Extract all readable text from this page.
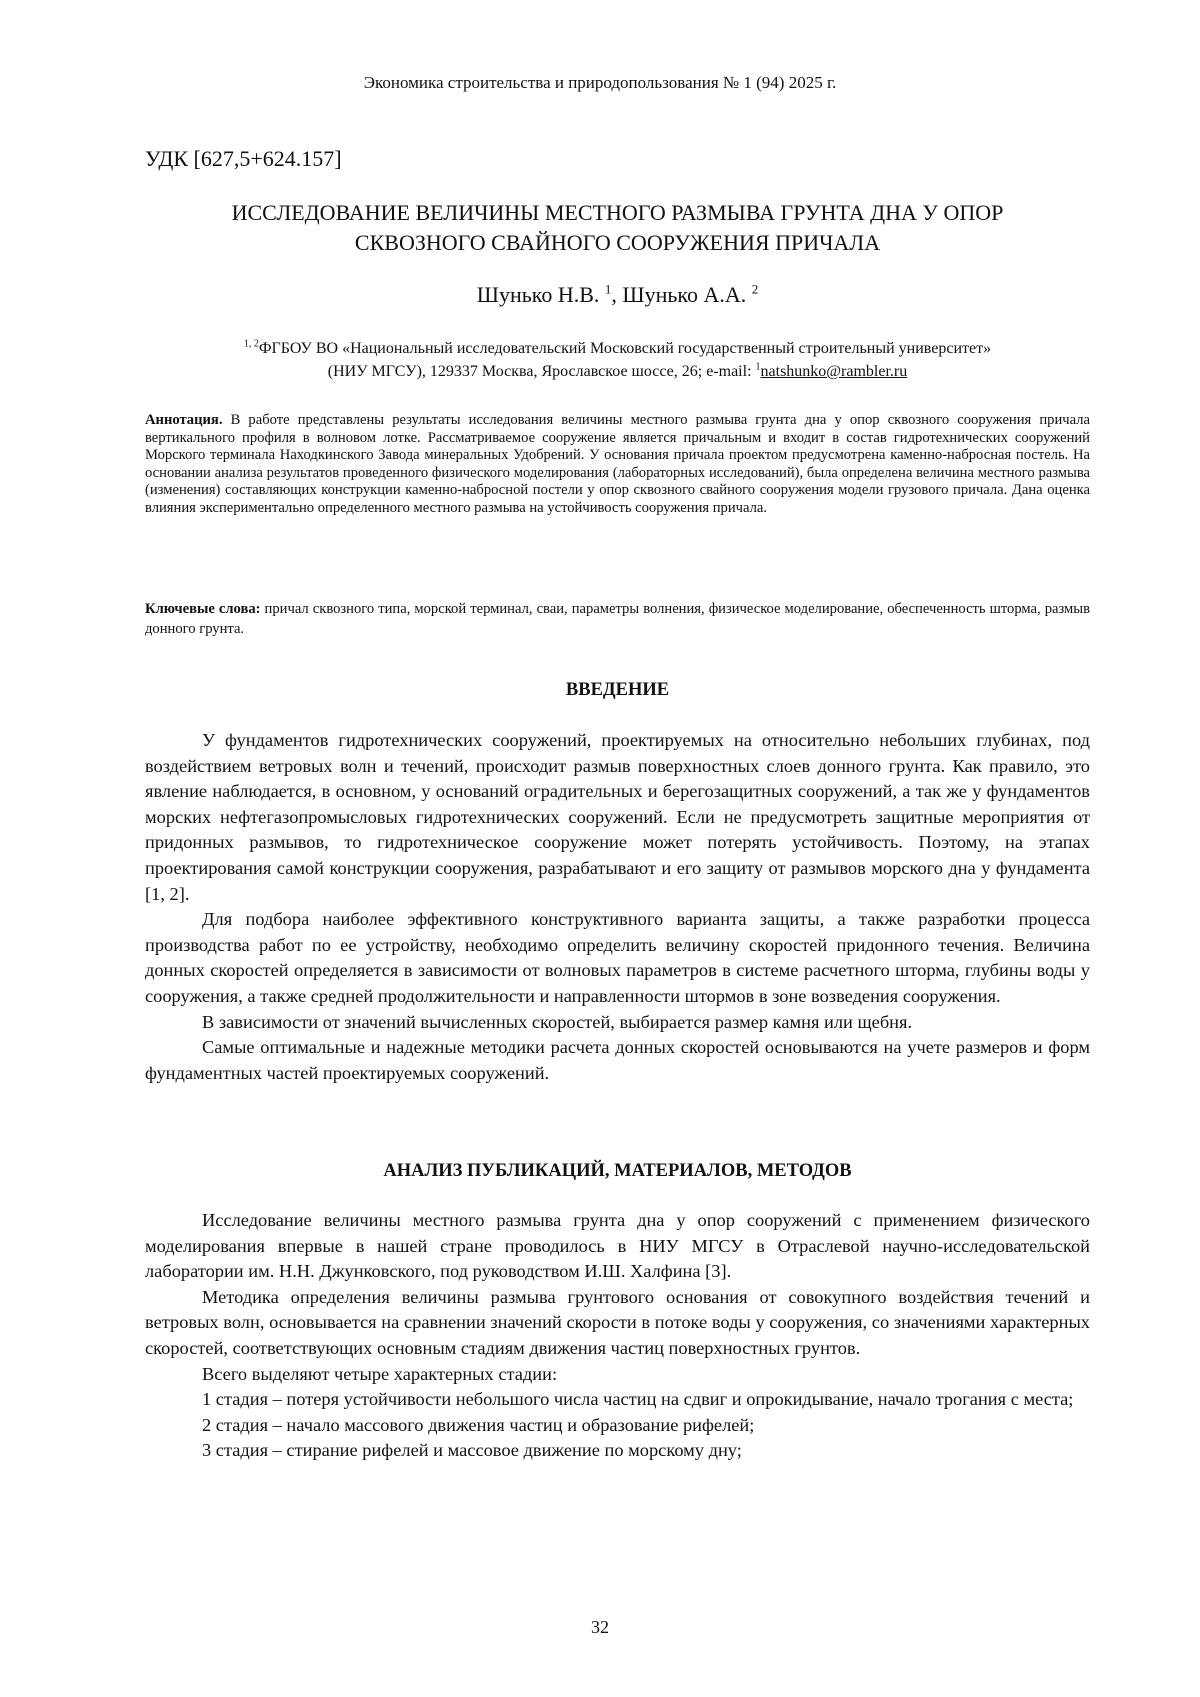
Экономика строительства и природопользования № 1 (94) 2025 г.
УДК [627,5+624.157]
ИССЛЕДОВАНИЕ ВЕЛИЧИНЫ МЕСТНОГО РАЗМЫВА ГРУНТА ДНА У ОПОР
СКВОЗНОГО СВАЙНОГО СООРУЖЕНИЯ ПРИЧАЛА
Шунько Н.В. $^1$, Шунько А.А. $^2$
$^{1, 2}$ФГБОУ ВО «Национальный исследовательский Московский государственный строительный университет»
(НИУ МГСУ), 129337 Москва, Ярославское шоссе, 26; e-mail: $^1$natshunko@rambler.ru
Аннотация. В работе представлены результаты исследования величины местного размыва грунта дна у опор сквозного сооружения причала вертикального профиля в волновом лотке. Рассматриваемое сооружение является причальным и входит в состав гидротехнических сооружений Морского терминала Находкинского Завода минеральных Удобрений. У основания причала проектом предусмотрена каменно-набросная постель. На основании анализа результатов проведенного физического моделирования (лабораторных исследований), была определена величина местного размыва (изменения) составляющих конструкции каменно-набросной постели у опор сквозного свайного сооружения модели грузового причала. Дана оценка влияния экспериментально определенного местного размыва на устойчивость сооружения причала.
Ключевые слова: причал сквозного типа, морской терминал, сваи, параметры волнения, физическое моделирование, обеспеченность шторма, размыв донного грунта.
ВВЕДЕНИЕ

У фундаментов гидротехнических сооружений, проектируемых на относительно небольших глубинах, под воздействием ветровых волн и течений, происходит размыв поверхностных слоев донного грунта. Как правило, это явление наблюдается, в основном, у оснований оградительных и берегозащитных сооружений, а так же у фундаментов морских нефтегазопромысловых гидротехнических сооружений. Если не предусмотреть защитные мероприятия от придонных размывов, то гидротехническое сооружение может потерять устойчивость. Поэтому, на этапах проектирования самой конструкции сооружения, разрабатывают и его защиту от размывов морского дна у фундамента [1, 2].

Для подбора наиболее эффективного конструктивного варианта защиты, а также разработки процесса производства работ по ее устройству, необходимо определить величину скоростей придонного течения. Величина донных скоростей определяется в зависимости от волновых параметров в системе расчетного шторма, глубины воды у сооружения, а также средней продолжительности и направленности штормов в зоне возведения сооружения.

В зависимости от значений вычисленных скоростей, выбирается размер камня или щебня.

Самые оптимальные и надежные методики расчета донных скоростей основываются на учете размеров и форм фундаментных частей проектируемых сооружений.

АНАЛИЗ ПУБЛИКАЦИЙ, МАТЕРИАЛОВ, МЕТОДОВ

Исследование величины местного размыва грунта дна у опор сооружений с применением физического моделирования впервые в нашей стране проводилось в НИУ МГСУ в Отраслевой научно-исследовательской лаборатории им. Н.Н. Джунковского, под руководством И.Ш. Халфина [3].

Методика определения величины размыва грунтового основания от совокупного воздействия течений и ветровых волн, основывается на сравнении значений скорости в потоке воды у сооружения, со значениями характерных скоростей, соответствующих основным стадиям движения частиц поверхностных грунтов.

Всего выделяют четыре характерных стадии:

1 стадия – потеря устойчивости небольшого числа частиц на сдвиг и опрокидывание, начало трогания с места;

2 стадия – начало массового движения частиц и образование рифелей;

3 стадия – стирание рифелей и массовое движение по морскому дну;

32
